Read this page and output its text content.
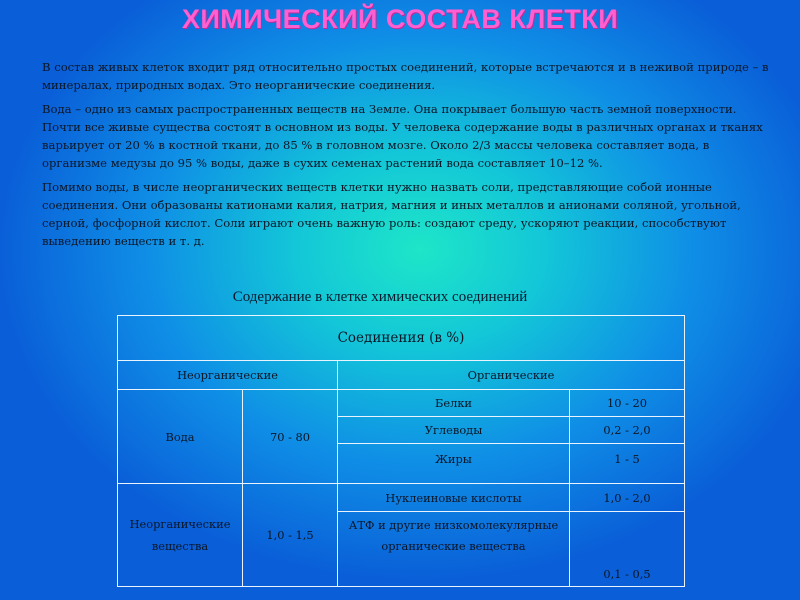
ХИМИЧЕСКИЙ СОСТАВ КЛЕТКИ

В состав живых клеток входит ряд относительно простых соединений, которые встречаются и в неживой природе – в минералах, природных водах. Это неорганические соединения.

Вода – одно из самых распространенных веществ на Земле. Она покрывает большую часть земной поверхности. Почти все живые существа состоят в основном из воды. У человека содержание воды в различных органах и тканях варьирует от 20 % в костной ткани, до 85 % в головном мозге. Около 2/3 массы человека составляет вода, в организме медузы до 95 % воды, даже в сухих семенах растений вода составляет 10–12 %.

Помимо воды, в числе неорганических веществ клетки нужно назвать соли, представляющие собой ионные соединения. Они образованы катионами калия, натрия, магния и иных металлов и анионами соляной, угольной, серной, фосфорной кислот. Соли играют очень важную роль: создают среду, ускоряют реакции, способствуют выведению веществ и т. д.

Содержание в клетке химических соединений
Соединения (в %)			
Неорганические		Органические	
Вода	70 - 80	Белки	10 - 20
		Углеводы	0,2 - 2,0
		Жиры	1 - 5
Неорганические вещества	1,0 - 1,5	Нуклеиновые кислоты	1,0 - 2,0
		АТФ и другие низкомолекулярные органические вещества	0,1 - 0,5
